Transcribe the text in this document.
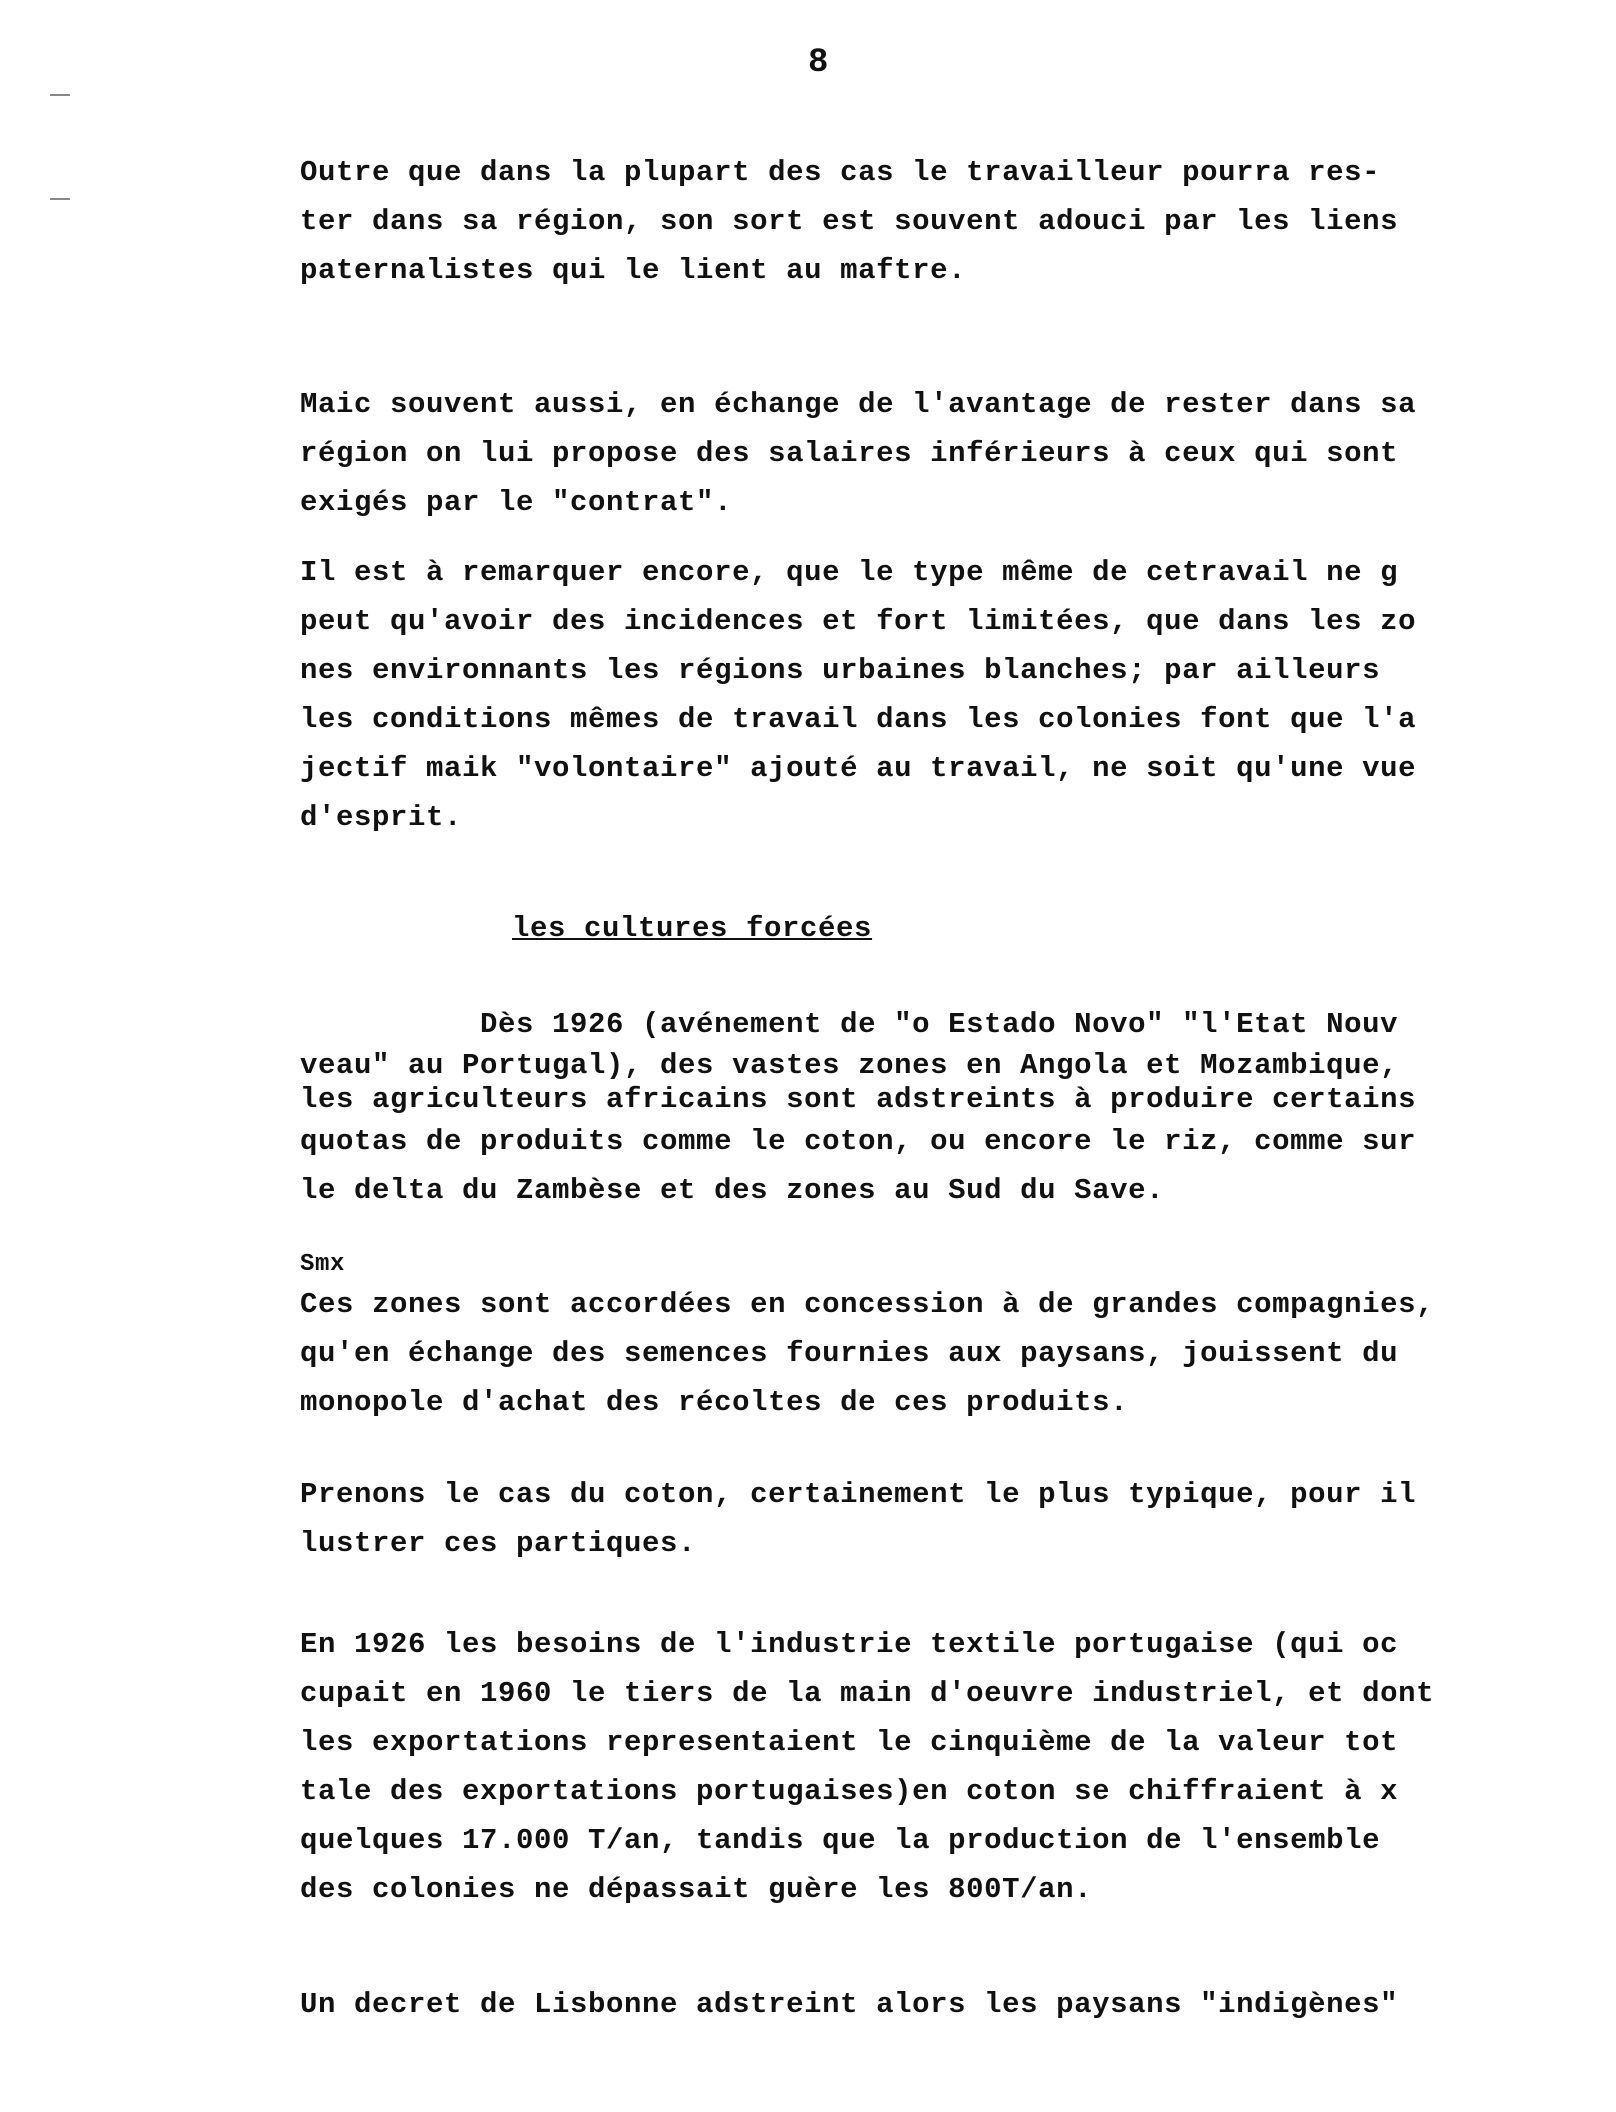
8
Outre que dans la plupart des cas le travailleur pourra res-
ter dans sa région, son sort est souvent adouci par les liens
paternalistes qui le lient au maftre.
Maic souvent aussi, en échange de l'avantage de rester dans sa
région on lui propose des salaires inférieurs à ceux qui sont
exigés par le "contrat".
Il est à remarquer encore, que le type même de cetravail ne g
peut qu'avoir des incidences et fort limitées, que dans les zo
nes environnants les régions urbaines blanches; par ailleurs
les conditions mêmes de travail dans les colonies font que l'a
jectif maik "volontaire" ajouté au travail, ne soit qu'une vue
d'esprit.
les cultures forcées
Dès 1926 (avénement de "o Estado Novo" "l'Etat Nouv
veau" au Portugal), des vastes zones en Angola et Mozambique,
les agriculteurs africains sont adstreints à produire certains
quotas de produits comme le coton, ou encore le riz, comme sur
le delta du Zambèse et des zones au Sud du Save.
Smx
Ces zones sont accordées en concession à de grandes compagnies,
qu'en échange des semences fournies aux paysans, jouissent du
monopole d'achat des récoltes de ces produits.
Prenons le cas du coton, certainement le plus typique, pour il
lustrer ces partiques.
En 1926 les besoins de l'industrie textile portugaise (qui oc
cupait en 1960 le tiers de la main d'oeuvre industriel, et dont
les exportations representaient le cinquième de la valeur tot
tale des exportations portugaises)en coton se chiffraient à x
quelques 17.000 T/an, tandis que la production de l'ensemble
des colonies ne dépassait guère les 800T/an.
Un decret de Lisbonne adstreint alors les paysans "indigènes"
